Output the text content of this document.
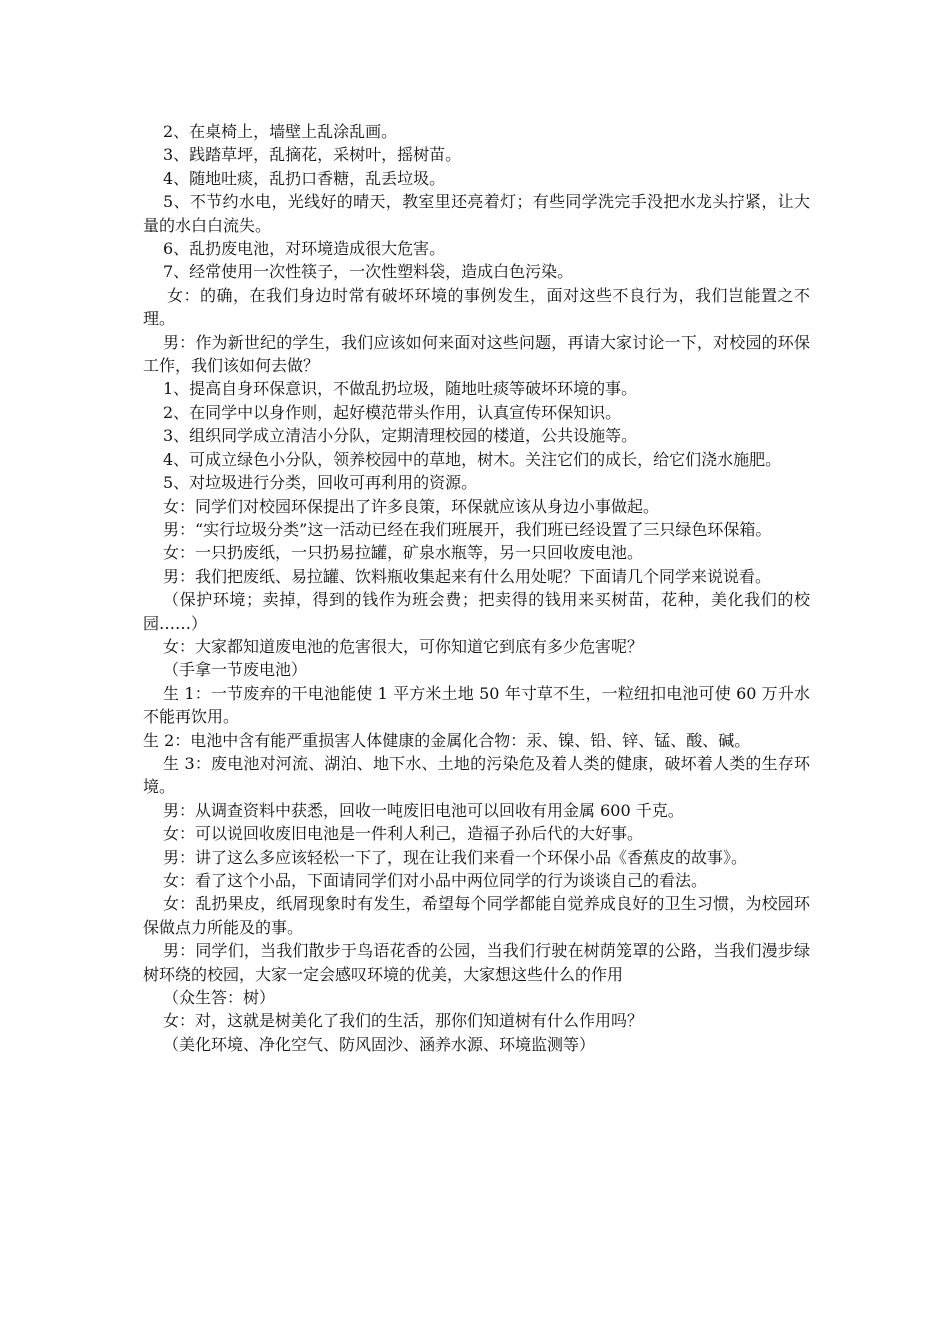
2、在桌椅上，墙壁上乱涂乱画。

3、践踏草坪，乱摘花，采树叶，摇树苗。

4、随地吐痰，乱扔口香糖，乱丢垃圾。

5、不节约水电，光线好的晴天，教室里还亮着灯；有些同学洗完手没把水龙头拧紧，让大量的水白白流失。

6、乱扔废电池，对环境造成很大危害。

7、经常使用一次性筷子，一次性塑料袋，造成白色污染。

女：的确，在我们身边时常有破坏环境的事例发生，面对这些不良行为，我们岂能置之不理。

男：作为新世纪的学生，我们应该如何来面对这些问题，再请大家讨论一下，对校园的环保工作，我们该如何去做？

1、提高自身环保意识，不做乱扔垃圾，随地吐痰等破坏环境的事。

2、在同学中以身作则，起好模范带头作用，认真宣传环保知识。

3、组织同学成立清洁小分队，定期清理校园的楼道，公共设施等。

4、可成立绿色小分队，领养校园中的草地，树木。关注它们的成长，给它们浇水施肥。

5、对垃圾进行分类，回收可再利用的资源。

女：同学们对校园环保提出了许多良策，环保就应该从身边小事做起。

男：“实行垃圾分类”这一活动已经在我们班展开，我们班已经设置了三只绿色环保箱。

女：一只扔废纸，一只扔易拉罐，矿泉水瓶等，另一只回收废电池。

男：我们把废纸、易拉罐、饮料瓶收集起来有什么用处呢？下面请几个同学来说说看。

（保护环境；卖掉，得到的钱作为班会费；把卖得的钱用来买树苗，花种，美化我们的校园……）

女：大家都知道废电池的危害很大，可你知道它到底有多少危害呢？

（手拿一节废电池）

生 1：一节废弃的干电池能使 1 平方米土地 50 年寸草不生，一粒纽扣电池可使 60 万升水不能再饮用。

生 2：电池中含有能严重损害人体健康的金属化合物：汞、镍、铅、锌、锰、酸、碱。

生 3：废电池对河流、湖泊、地下水、土地的污染危及着人类的健康，破坏着人类的生存环境。

男：从调查资料中获悉，回收一吨废旧电池可以回收有用金属 600 千克。

女：可以说回收废旧电池是一件利人利己，造福子孙后代的大好事。

男：讲了这么多应该轻松一下了，现在让我们来看一个环保小品《香蕉皮的故事》。

女：看了这个小品，下面请同学们对小品中两位同学的行为谈谈自己的看法。

女：乱扔果皮，纸屑现象时有发生，希望每个同学都能自觉养成良好的卫生习惯，为校园环保做点力所能及的事。

男：同学们，当我们散步于鸟语花香的公园，当我们行驶在树荫笼罩的公路，当我们漫步绿树环绕的校园，大家一定会感叹环境的优美，大家想这些什么的作用

（众生答：树）

女：对，这就是树美化了我们的生活，那你们知道树有什么作用吗？

（美化环境、净化空气、防风固沙、涵养水源、环境监测等）
